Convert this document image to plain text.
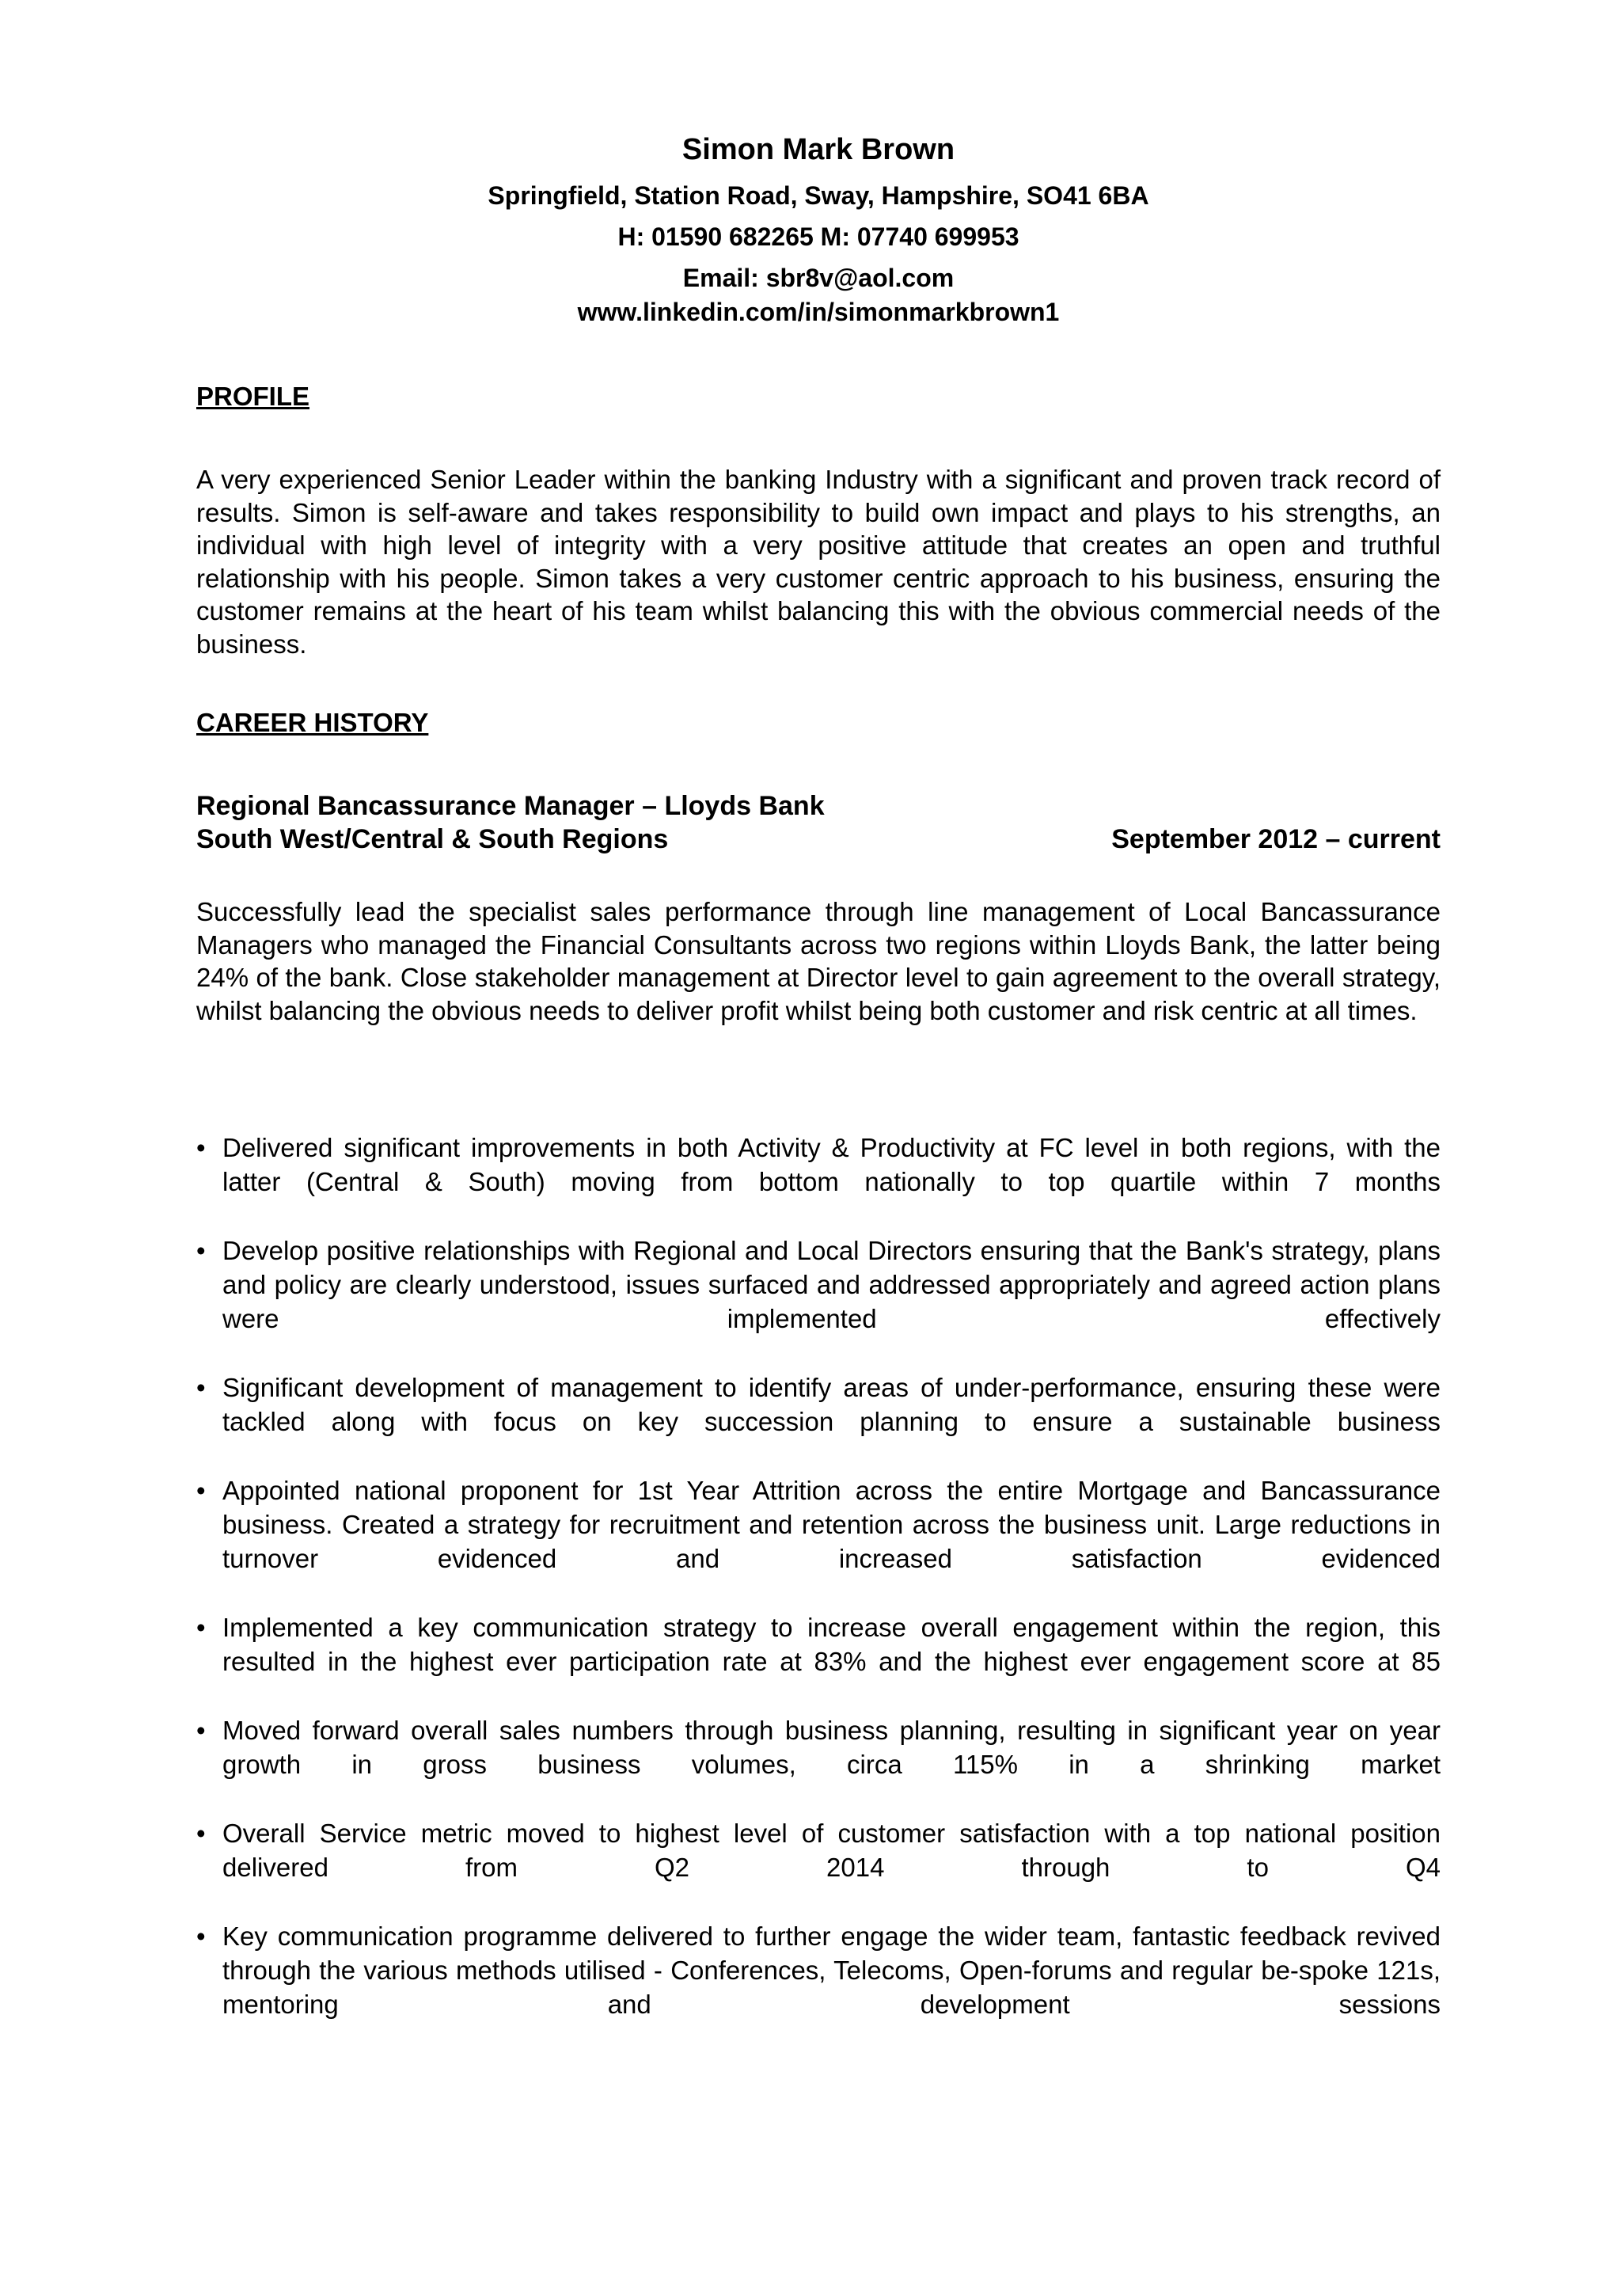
Simon Mark Brown
Springfield, Station Road, Sway, Hampshire, SO41 6BA
H: 01590 682265 M: 07740 699953
Email: sbr8v@aol.com
www.linkedin.com/in/simonmarkbrown1
PROFILE
A very experienced Senior Leader within the banking Industry with a significant and proven track record of results. Simon is self-aware and takes responsibility to build own impact and plays to his strengths, an individual with high level of integrity with a very positive attitude that creates an open and truthful relationship with his people. Simon takes a very customer centric approach to his business, ensuring the customer remains at the heart of his team whilst balancing this with the obvious commercial needs of the business.
CAREER HISTORY
Regional Bancassurance Manager – Lloyds Bank
South West/Central & South Regions	September 2012 – current
Successfully lead the specialist sales performance through line management of Local Bancassurance Managers who managed the Financial Consultants across two regions within Lloyds Bank, the latter being 24% of the bank. Close stakeholder management at Director level to gain agreement to the overall strategy, whilst balancing the obvious needs to deliver profit whilst being both customer and risk centric at all times.
• Delivered significant improvements in both Activity & Productivity at FC level in both regions, with the latter (Central & South) moving from bottom nationally to top quartile within 7 months
• Develop positive relationships with Regional and Local Directors ensuring that the Bank's strategy, plans and policy are clearly understood, issues surfaced and addressed appropriately and agreed action plans were implemented effectively
• Significant development of management to identify areas of under-performance, ensuring these were tackled along with focus on key succession planning to ensure a sustainable business
• Appointed national proponent for 1st Year Attrition across the entire Mortgage and Bancassurance business. Created a strategy for recruitment and retention across the business unit. Large reductions in turnover evidenced and increased satisfaction evidenced
• Implemented a key communication strategy to increase overall engagement within the region, this resulted in the highest ever participation rate at 83% and the highest ever engagement score at 85
• Moved forward overall sales numbers through business planning, resulting in significant year on year growth in gross business volumes, circa 115% in a shrinking market
• Overall Service metric moved to highest level of customer satisfaction with a top national position delivered from Q2 2014 through to Q4
• Key communication programme delivered to further engage the wider team, fantastic feedback revived through the various methods utilised - Conferences, Telecoms, Open-forums and regular be-spoke 121s, mentoring and development sessions
